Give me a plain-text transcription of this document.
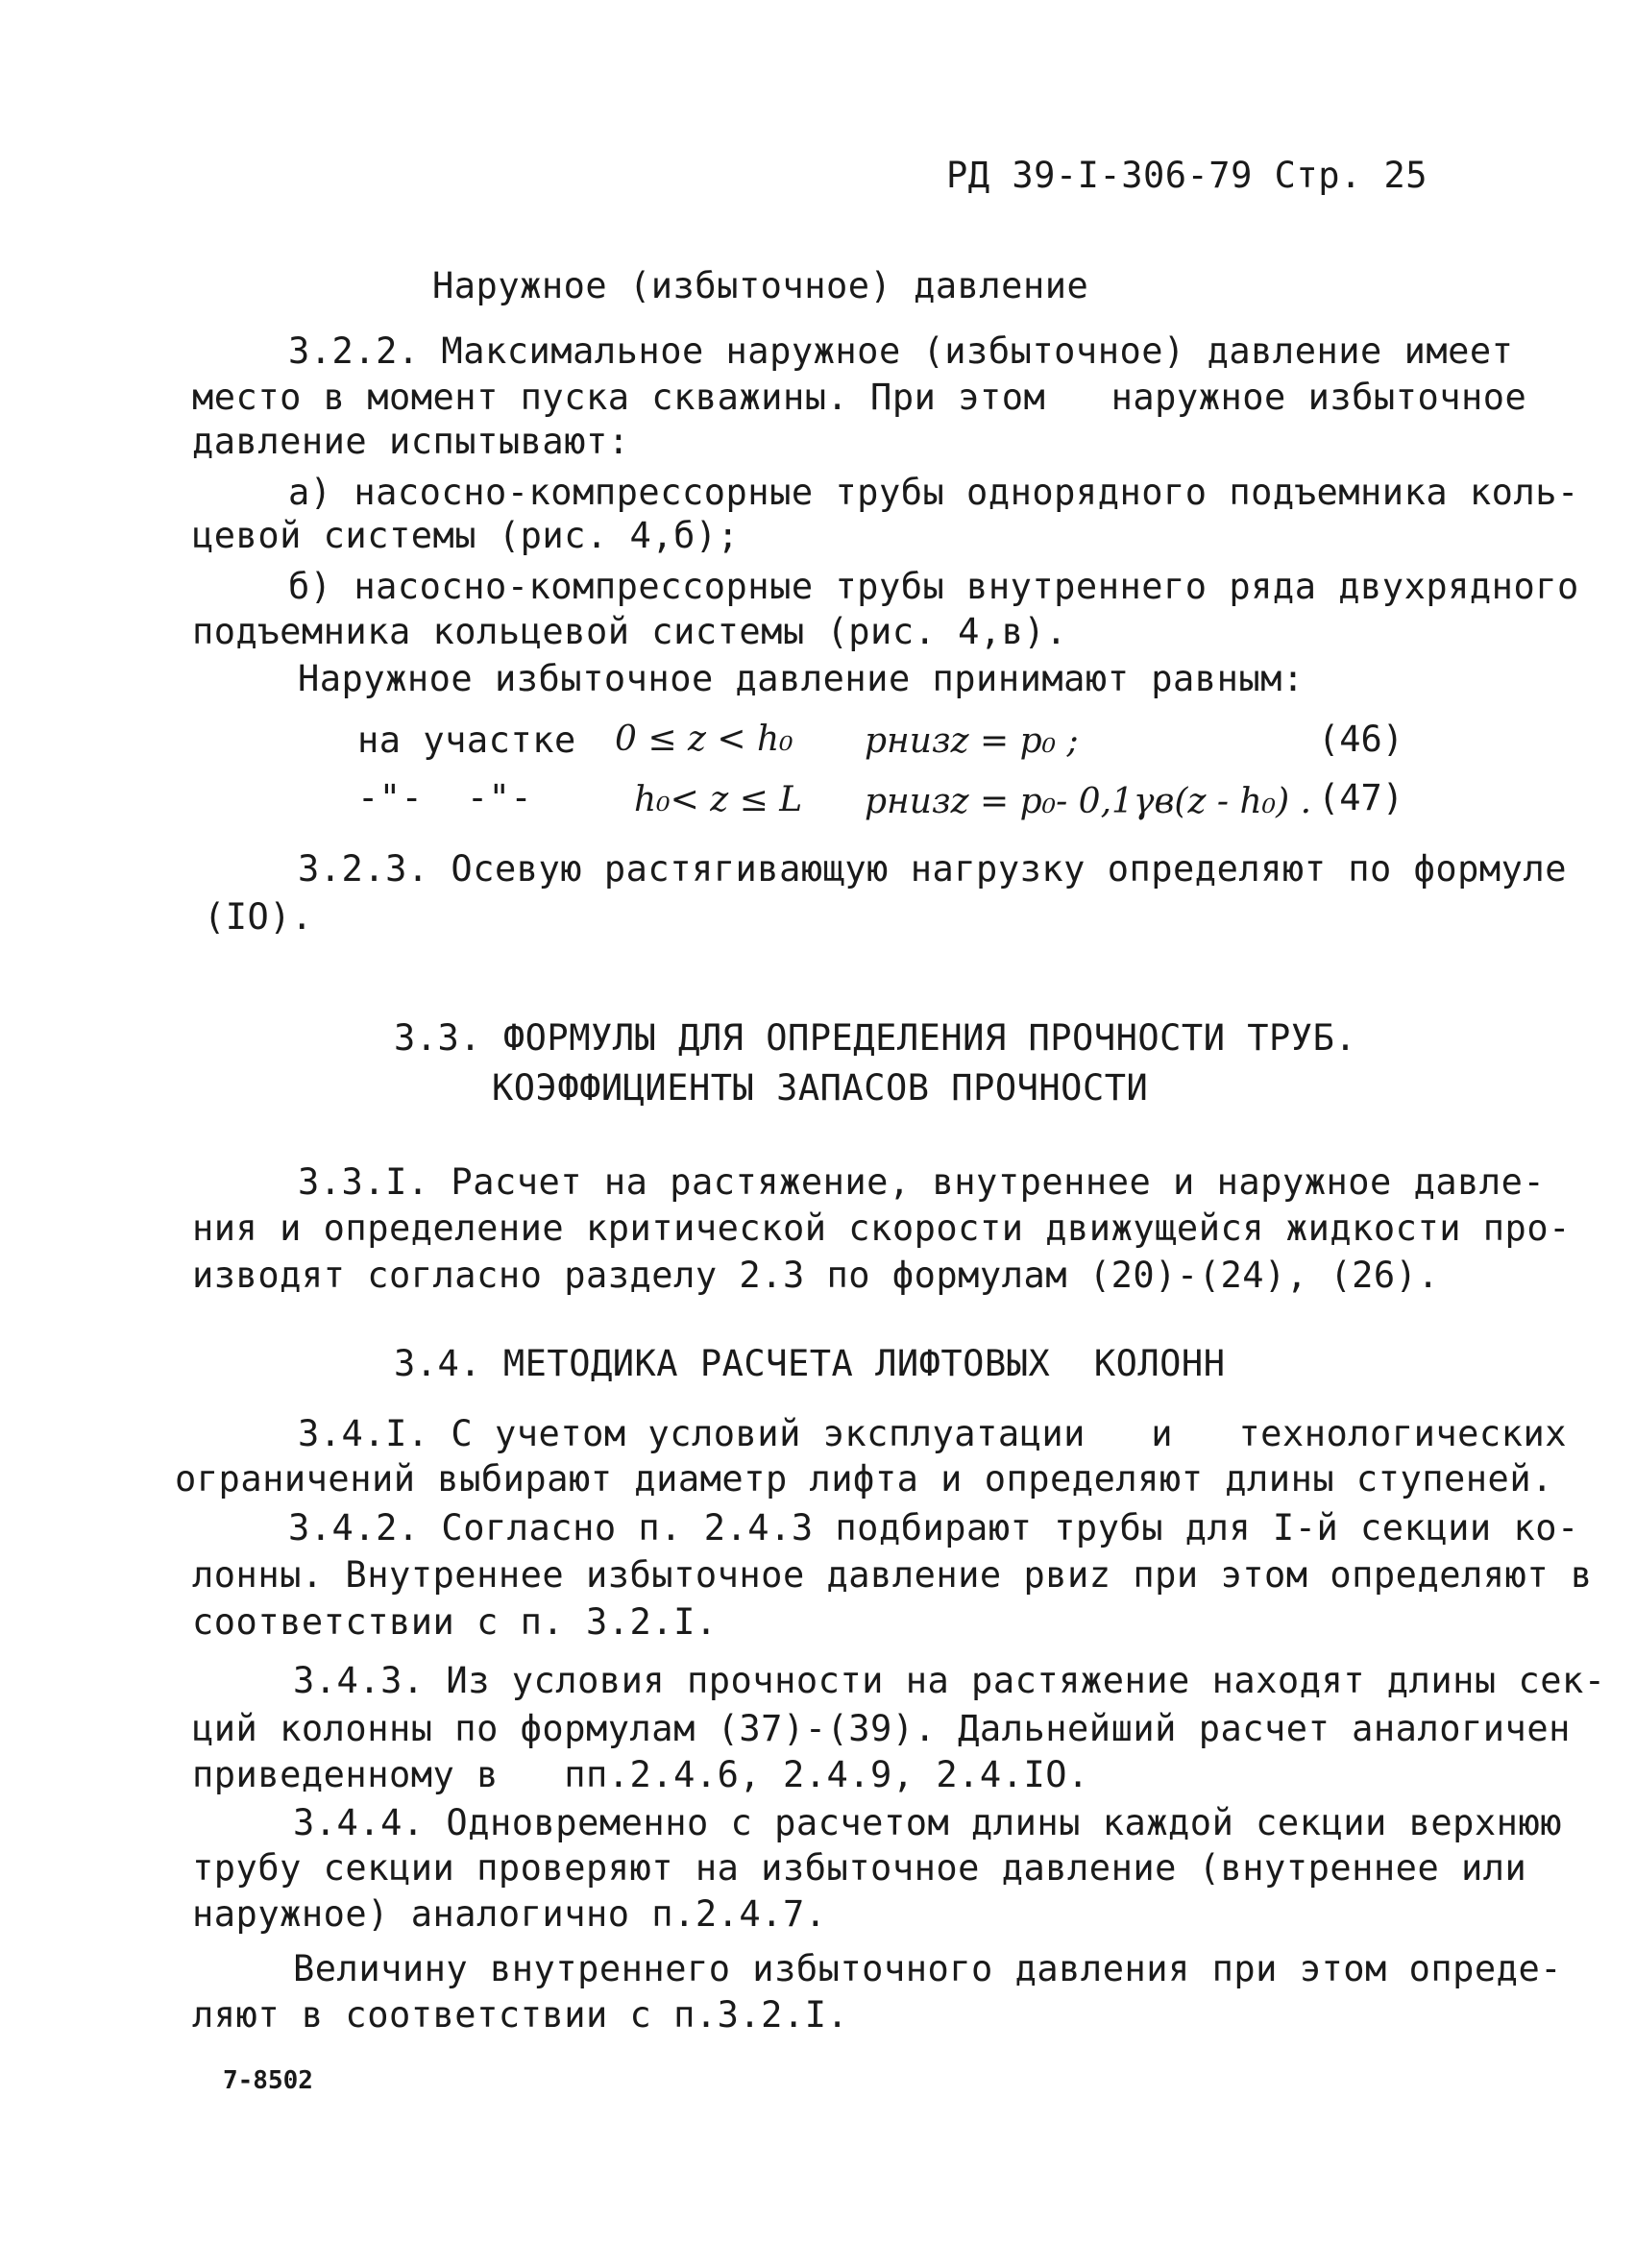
РД 39-I-306-79 Стр. 25
Наружное (избыточное) давление
3.2.2. Максимальное наружное (избыточное) давление имеет
место в момент пуска скважины. При этом   наружное избыточное
давление испытывают:
а) насосно-компрессорные трубы однорядного подъемника коль-
цевой системы (рис. 4,б);
б) насосно-компрессорные трубы внутреннего ряда двухрядного
подъемника кольцевой системы (рис. 4,в).
Наружное избыточное давление принимают равным:
на участке 0 ≤ z < h₀ pнизz = p₀ ;	(46)
-"-  -"-	h₀< z ≤ L pнизz = p₀- 0,1γв(z - h₀) . (47)
3.2.3. Осевую растягивающую нагрузку определяют по формуле
(IO).
3.3. ФОРМУЛЫ ДЛЯ ОПРЕДЕЛЕНИЯ ПРОЧНОСТИ ТРУБ.
КОЭФФИЦИЕНТЫ ЗАПАСОВ ПРОЧНОСТИ
3.3.I. Расчет на растяжение, внутреннее и наружное давле-
ния и определение критической скорости движущейся жидкости про-
изводят согласно разделу 2.3 по формулам (20)-(24), (26).
3.4. МЕТОДИКА РАСЧЕТА ЛИФТОВЫХ  КОЛОНН
3.4.I. С учетом условий эксплуатации   и   технологических
ограничений выбирают диаметр лифта и определяют длины ступеней.
3.4.2. Согласно п. 2.4.3 подбирают трубы для I-й секции ко-
лонны. Внутреннее избыточное давление рвиz при этом определяют в
соответствии с п. 3.2.I.
3.4.3. Из условия прочности на растяжение находят длины сек-
ций колонны по формулам (37)-(39). Дальнейший расчет аналогичен
приведенному в   пп.2.4.6, 2.4.9, 2.4.IO.
3.4.4. Одновременно с расчетом длины каждой секции верхнюю
трубу секции проверяют на избыточное давление (внутреннее или
наружное) аналогично п.2.4.7.
Величину внутреннего избыточного давления при этом опреде-
ляют в соответствии с п.3.2.I.
7-8502
